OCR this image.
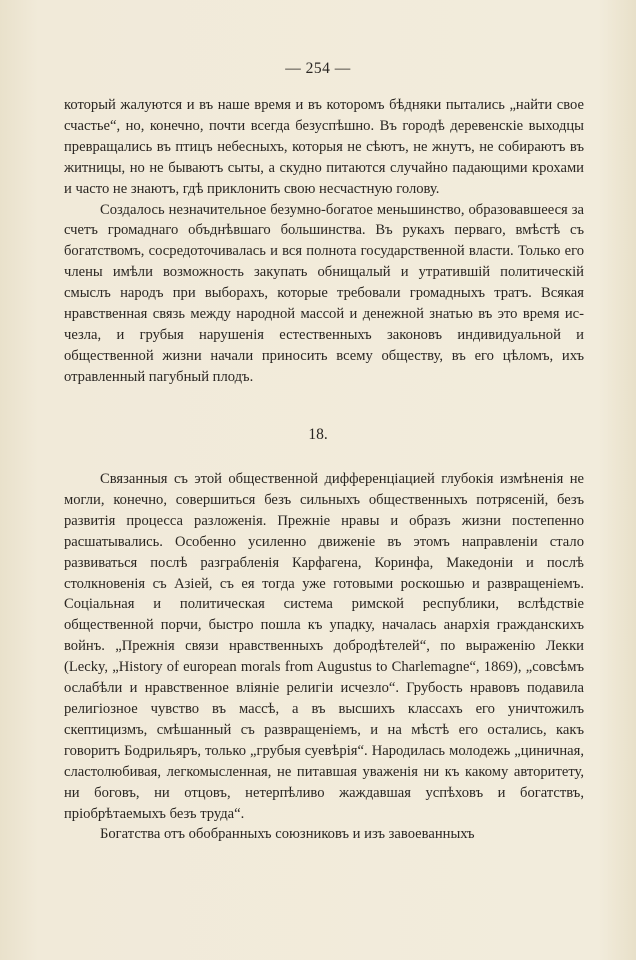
— 254 —

который жалуются и въ наше время и въ которомъ бѣдняки пытались „найти свое счастье“, но, конечно, почти всегда безуспѣшно. Въ городѣ деревенскіе выходцы превращались въ птицъ небесныхъ, которыя не сѣютъ, не жнутъ, не собираютъ въ житницы, но не бываютъ сыты, а скудно питаются случайно падающими крохами и часто не знаютъ, гдѣ приклонить свою несчастную голову.

Создалось незначительное безумно-богатое меньшинство, образовавшееся за счетъ громаднаго объднѣвшаго большинства. Въ рукахъ перваго, вмѣстѣ съ богатствомъ, сосредоточивалась и вся полнота государственной власти. Только его члены имѣли возможность закупать обнищалый и утратившій политическій смыслъ народъ при выборахъ, которые требовали громадныхъ тратъ. Всякая нравственная связь между народной массой и денежной знатью въ это время исчезла, и грубыя нарушенія естественныхъ законовъ индивидуальной и общественной жизни начали приносить всему обществу, въ его цѣломъ, ихъ отравленный пагубный плодъ.

18.

Связанныя съ этой общественной дифференціацией глубокія измѣненія не могли, конечно, совершиться безъ сильныхъ общественныхъ потрясеній, безъ развитія процесса разложенія. Прежніе нравы и образъ жизни постепенно расшатывались. Особенно усиленно движеніе въ этомъ направленіи стало развиваться послѣ разграбленія Карфагена, Коринфа, Македоніи и послѣ столкновенія съ Азіей, съ ея тогда уже готовыми роскошью и развращеніемъ. Соціальная и политическая система римской республики, вслѣдствіе общественной порчи, быстро пошла къ упадку, началась анархія гражданскихъ войнъ. „Прежнія связи нравственныхъ добродѣтелей“, по выраженію Лекки (Lecky, „History of european morals from Augustus to Charlemagne“, 1869), „совсѣмъ ослабѣли и нравственное вліяніе религіи исчезло“. Грубость нравовъ подавила религіозное чувство въ массѣ, а въ высшихъ классахъ его уничтожилъ скептицизмъ, смѣшанный съ развращеніемъ, и на мѣстѣ его остались, какъ говоритъ Бодрильяръ, только „грубыя суевѣрія“. Народилась молодежь „циничная, сластолюбивая, легкомысленная, не питавшая уваженія ни къ какому авторитету, ни боговъ, ни отцовъ, нетерпѣливо жаждавшая успѣховъ и богатствъ, пріобрѣтаемыхъ безъ труда“.

Богатства отъ обобранныхъ союзниковъ и изъ завоеванныхъ
